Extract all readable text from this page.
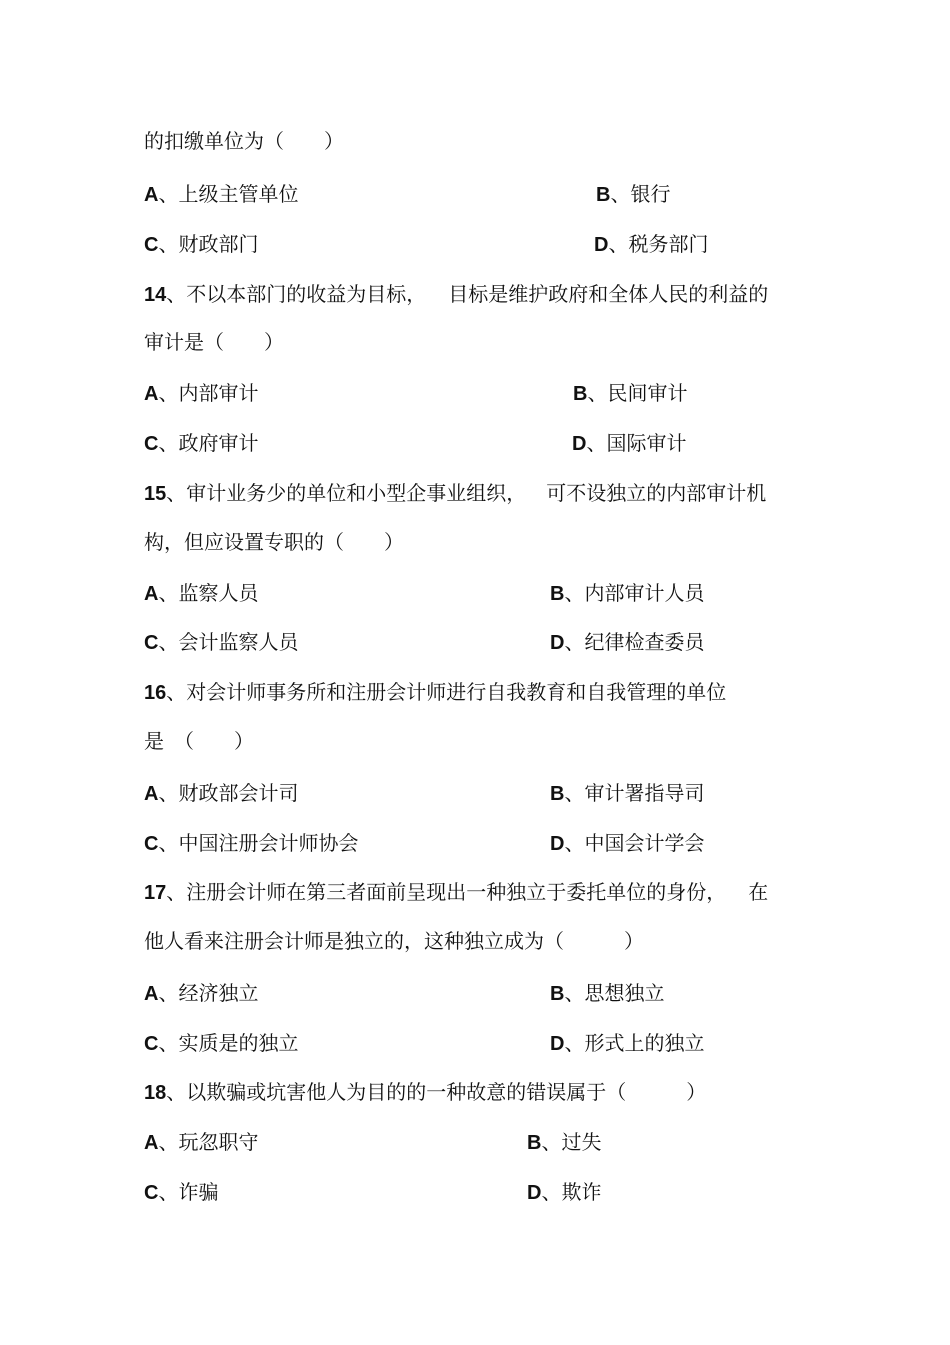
的扣缴单位为（　　）
A、上级主管单位	B、银行
C、财政部门	D、税务部门
14、不以本部门的收益为目标， 目标是维护政府和全体人民的利益的
审计是（　　）
A、内部审计	B、民间审计
C、政府审计	D、国际审计
15、审计业务少的单位和小型企事业组织， 可不设独立的内部审计机
构，但应设置专职的（　　）
A、监察人员	B、内部审计人员
C、会计监察人员	D、纪律检查委员
16、对会计师事务所和注册会计师进行自我教育和自我管理的单位
是　（　　）
A、财政部会计司	B、审计署指导司
C、中国注册会计师协会	D、中国会计学会
17、注册会计师在第三者面前呈现出一种独立于委托单位的身份， 在
他人看来注册会计师是独立的，这种独立成为（　　　）
A、经济独立	B、思想独立
C、实质是的独立	D、形式上的独立
18、以欺骗或坑害他人为目的的一种故意的错误属于（　　　）
A、玩忽职守	B、过失
C、诈骗	D、欺诈
